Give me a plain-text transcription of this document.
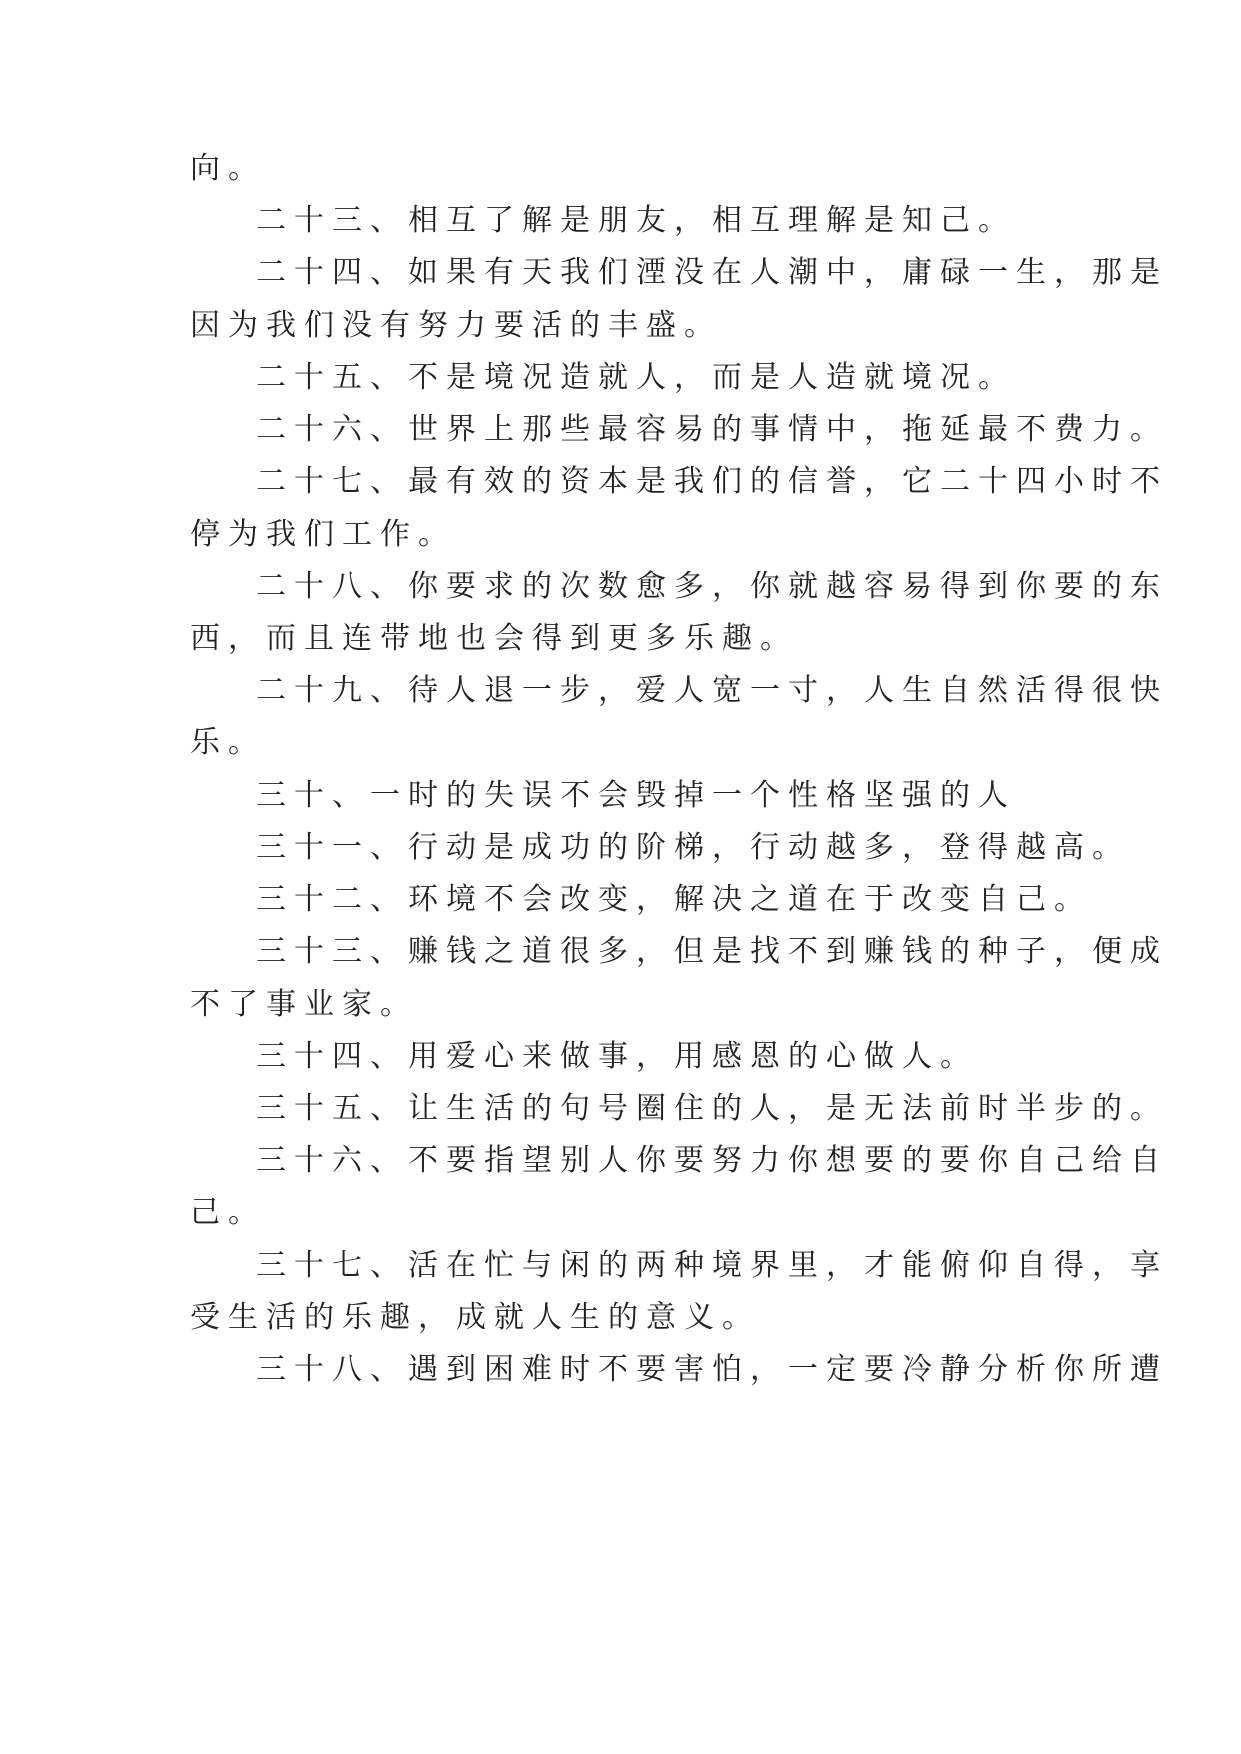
向。
二十三、相互了解是朋友，相互理解是知己。
二十四、如果有天我们湮没在人潮中，庸碌一生，那是
因为我们没有努力要活的丰盛。
二十五、不是境况造就人，而是人造就境况。
二十六、世界上那些最容易的事情中，拖延最不费力。
二十七、最有效的资本是我们的信誉，它二十四小时不
停为我们工作。
二十八、你要求的次数愈多，你就越容易得到你要的东
西，而且连带地也会得到更多乐趣。
二十九、待人退一步，爱人宽一寸，人生自然活得很快
乐。
三十、一时的失误不会毁掉一个性格坚强的人
三十一、行动是成功的阶梯，行动越多，登得越高。
三十二、环境不会改变，解决之道在于改变自己。
三十三、赚钱之道很多，但是找不到赚钱的种子，便成
不了事业家。
三十四、用爱心来做事，用感恩的心做人。
三十五、让生活的句号圈住的人，是无法前时半步的。
三十六、不要指望别人你要努力你想要的要你自己给自
己。
三十七、活在忙与闲的两种境界里，才能俯仰自得，享
受生活的乐趣，成就人生的意义。
三十八、遇到困难时不要害怕，一定要冷静分析你所遭
